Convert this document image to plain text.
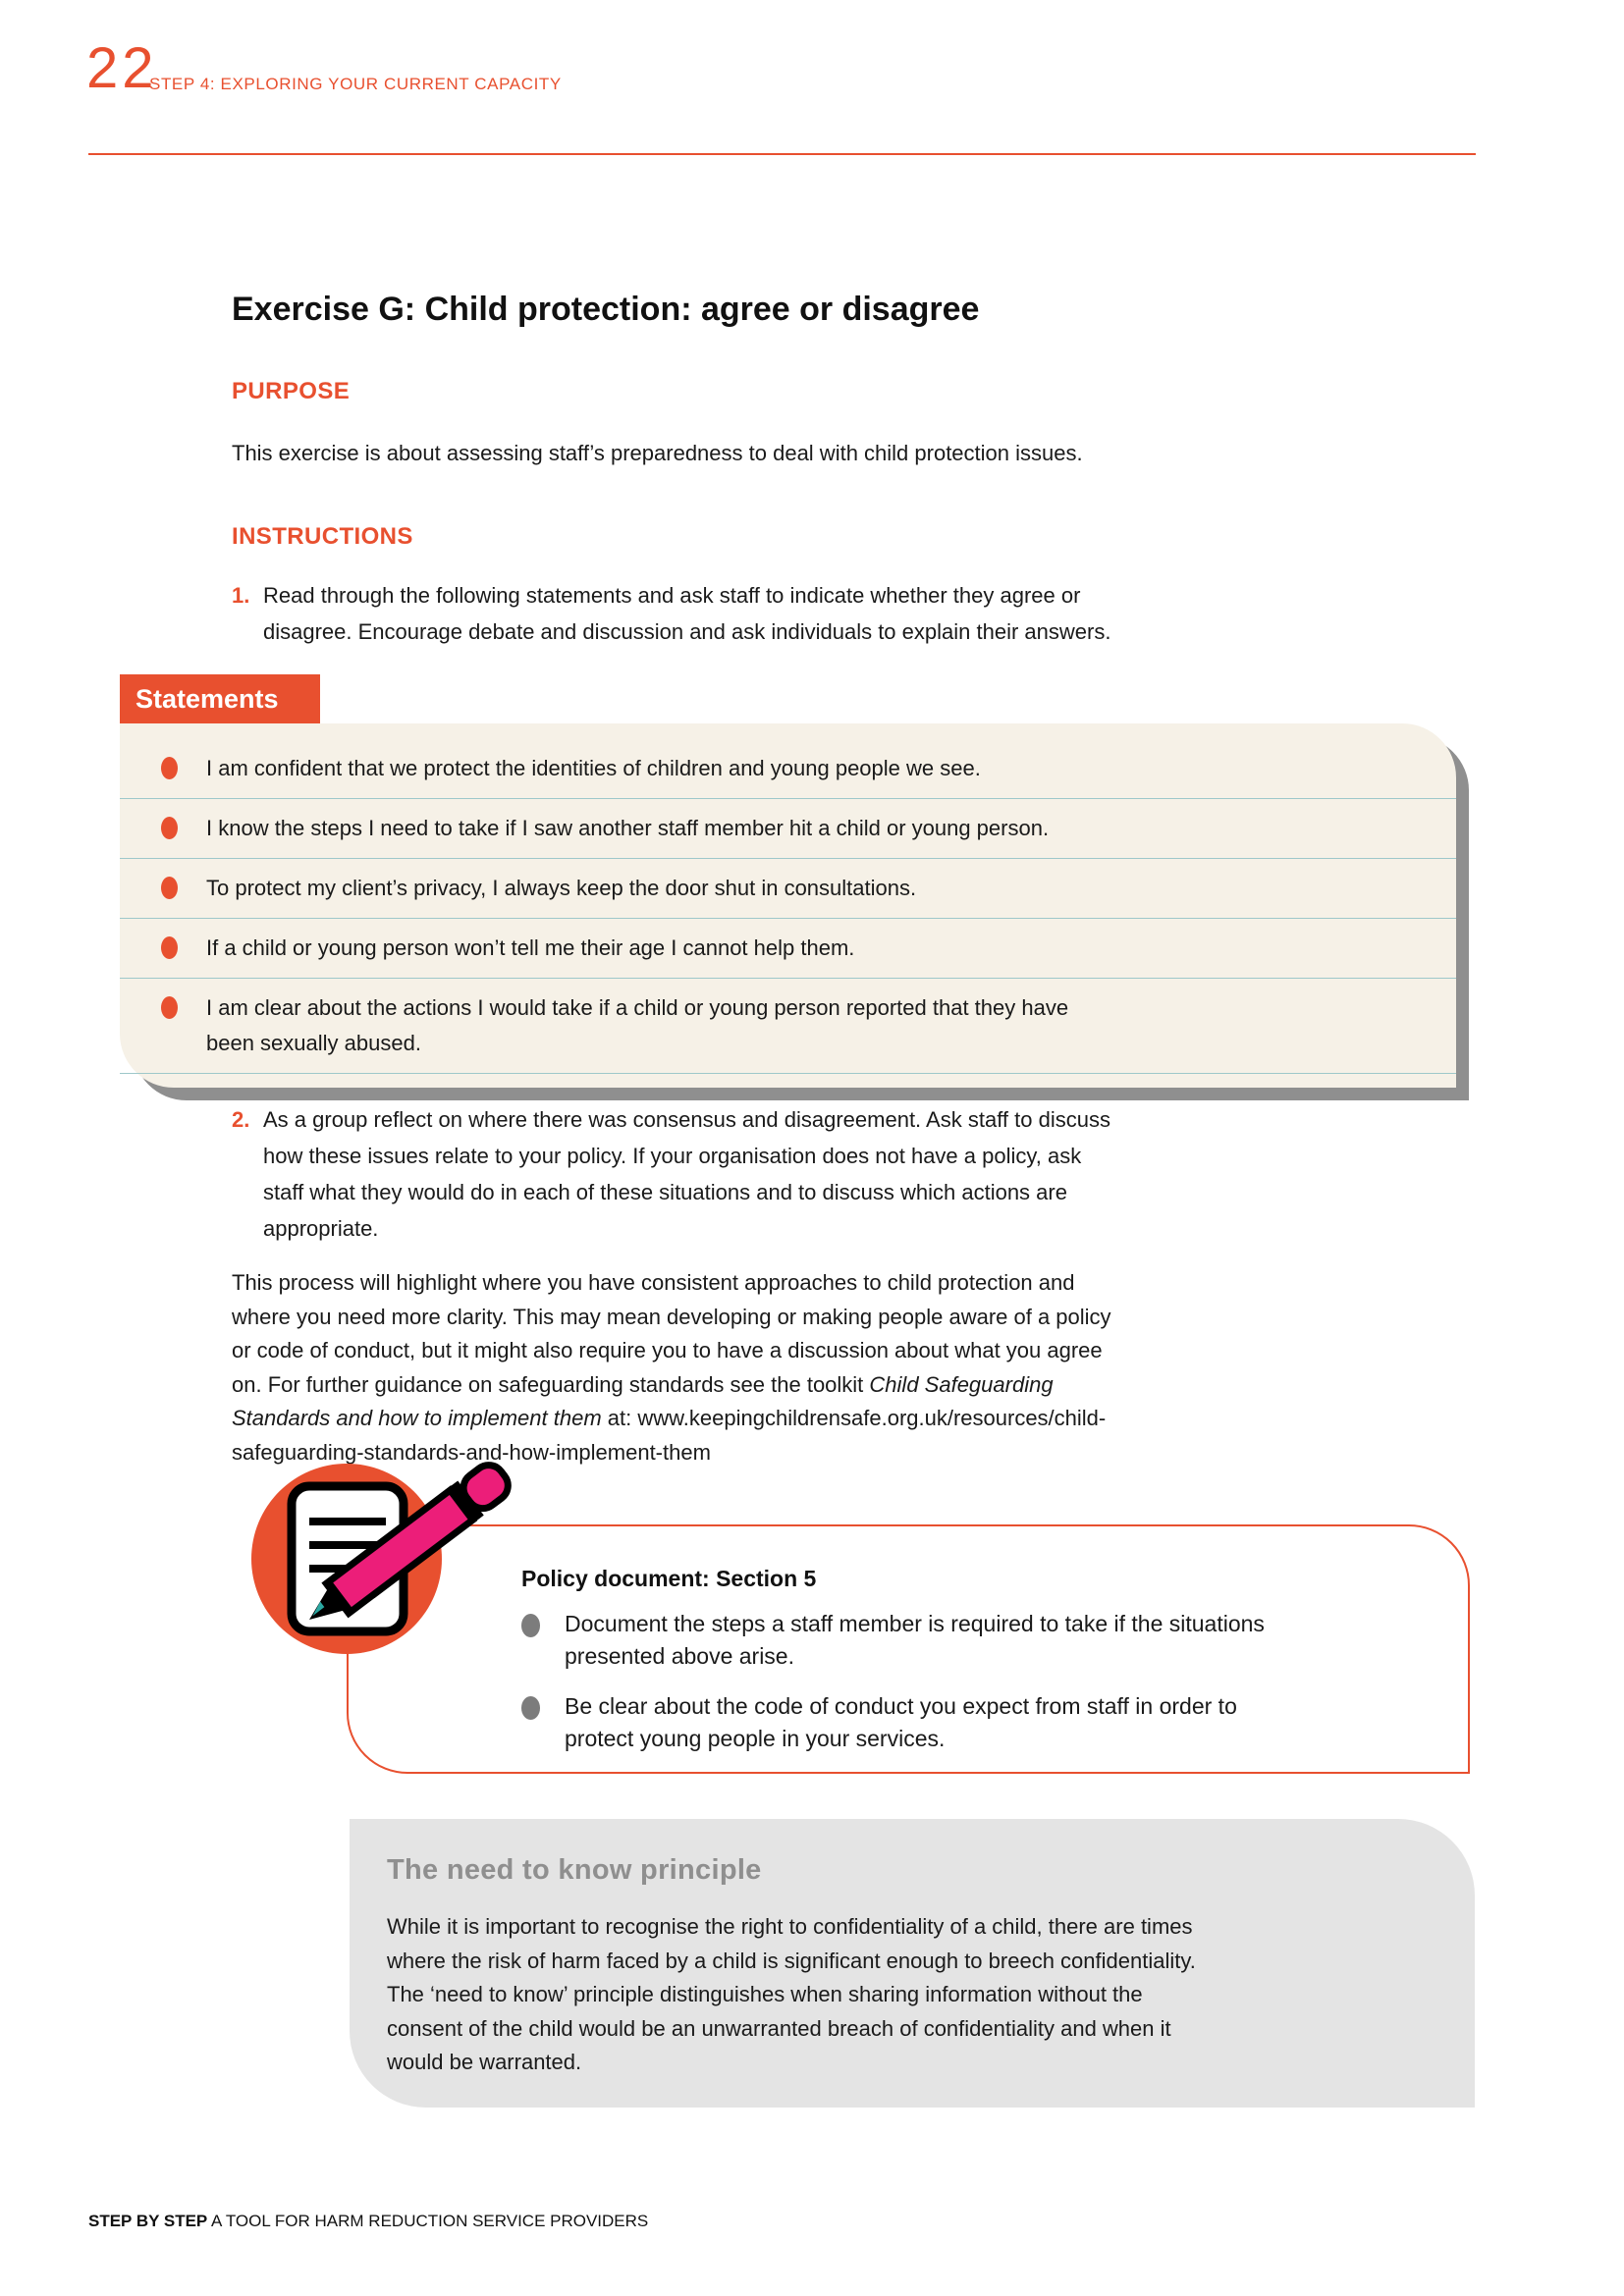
22
STEP 4: EXPLORING YOUR CURRENT CAPACITY
Exercise G: Child protection: agree or disagree
PURPOSE
This exercise is about assessing staff’s preparedness to deal with child protection issues.
INSTRUCTIONS
1. Read through the following statements and ask staff to indicate whether they agree or
disagree. Encourage debate and discussion and ask individuals to explain their answers.
Statements
I am confident that we protect the identities of children and young people we see.
I know the steps I need to take if I saw another staff member hit a child or young person.
To protect my client’s privacy, I always keep the door shut in consultations.
If a child or young person won’t tell me their age I cannot help them.
I am clear about the actions I would take if a child or young person reported that they have
been sexually abused.
2. As a group reflect on where there was consensus and disagreement. Ask staff to discuss
how these issues relate to your policy. If your organisation does not have a policy, ask
staff what they would do in each of these situations and to discuss which actions are
appropriate.
This process will highlight where you have consistent approaches to child protection and
where you need more clarity. This may mean developing or making people aware of a policy
or code of conduct, but it might also require you to have a discussion about what you agree
on. For further guidance on safeguarding standards see the toolkit Child Safeguarding
Standards and how to implement them at: www.keepingchildrensafe.org.uk/resources/child-
safeguarding-standards-and-how-implement-them
Policy document: Section 5
Document the steps a staff member is required to take if the situations
presented above arise.
Be clear about the code of conduct you expect from staff in order to
protect young people in your services.
The need to know principle
While it is important to recognise the right to confidentiality of a child, there are times
where the risk of harm faced by a child is significant enough to breech confidentiality.
The ‘need to know’ principle distinguishes when sharing information without the
consent of the child would be an unwarranted breach of confidentiality and when it
would be warranted.
STEP BY STEP A TOOL FOR HARM REDUCTION SERVICE PROVIDERS
